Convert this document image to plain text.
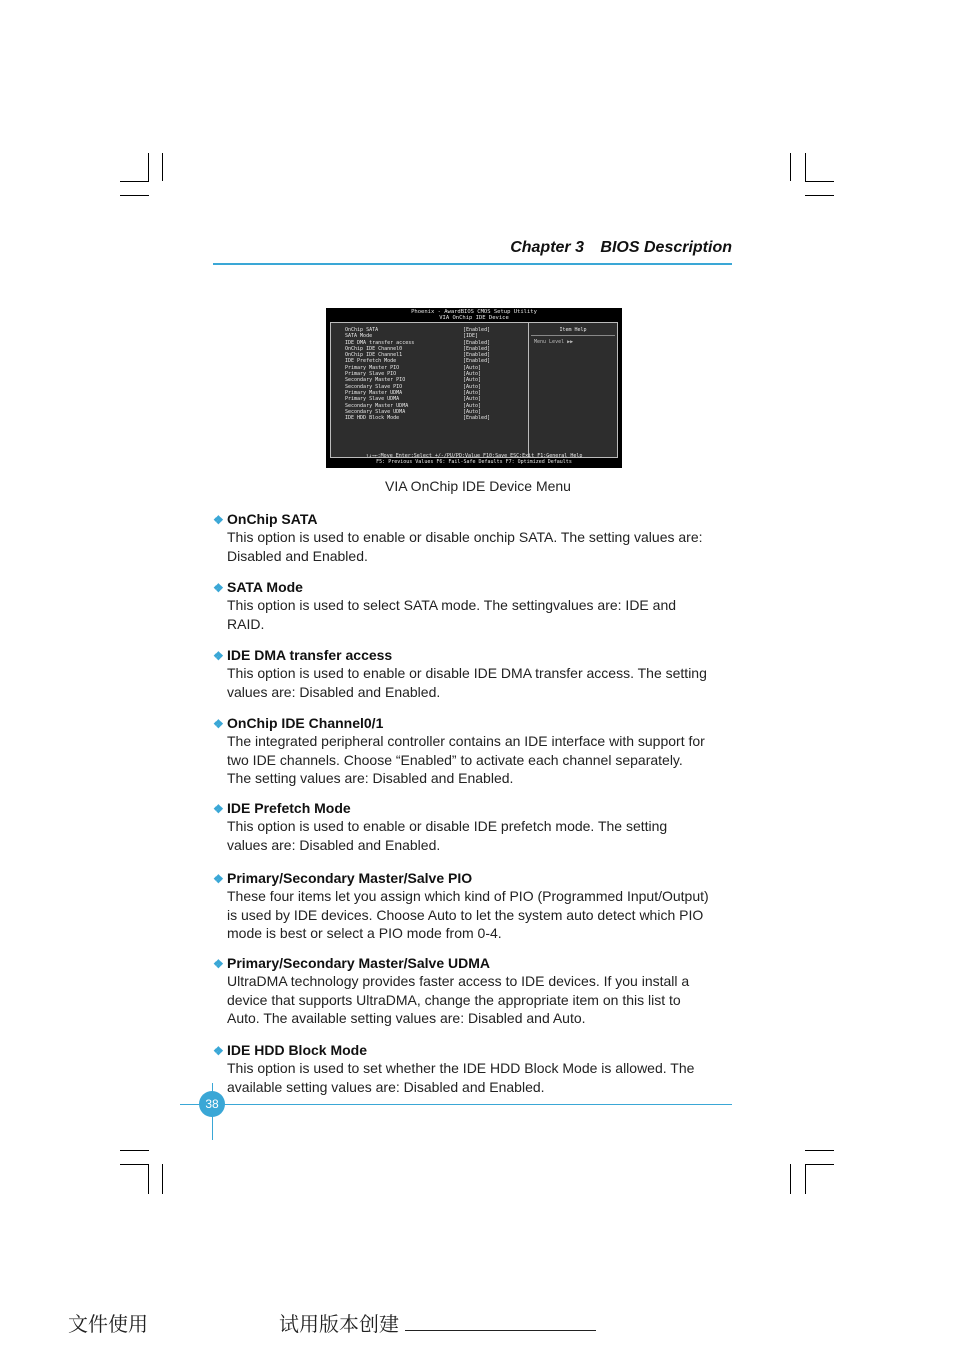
Chapter 3 BIOS Description
Phoenix - AwardBIOS CMOS Setup Utility
VIA OnChip IDE Device
OnChip SATA
SATA Mode
IDE DMA transfer access
OnChip IDE Channel0
OnChip IDE Channel1
IDE Prefetch Mode
Primary Master PIO
Primary Slave PIO
Secondary Master PIO
Secondary Slave PIO
Primary Master UDMA
Primary Slave UDMA
Secondary Master UDMA
Secondary Slave UDMA
IDE HDD Block Mode
[Enabled]
[IDE]
[Enabled]
[Enabled]
[Enabled]
[Enabled]
[Auto]
[Auto]
[Auto]
[Auto]
[Auto]
[Auto]
[Auto]
[Auto]
[Enabled]
Item Help
Menu Level ▶▶
↑↓→←:Move Enter:Select +/-/PU/PD:Value F10:Save ESC:Exit F1:General Help
F5: Previous Values F6: Fail-Safe Defaults F7: Optimized Defaults
VIA OnChip IDE Device Menu
❖ OnChip SATA
This option is used to enable or disable onchip SATA. The setting values are:
Disabled and Enabled.
❖ SATA Mode
This option is used to select SATA mode. The settingvalues are: IDE and
RAID.
❖ IDE DMA transfer access
This option is used to enable or disable IDE DMA transfer access. The setting
values are: Disabled and Enabled.
❖ OnChip IDE Channel0/1
The integrated peripheral controller contains an IDE interface with support for
two IDE channels. Choose “Enabled” to activate each channel separately.
The setting values are: Disabled and Enabled.
❖ IDE Prefetch Mode
This option is used to enable or disable IDE prefetch mode. The setting
values are: Disabled and Enabled.
❖ Primary/Secondary Master/Salve PIO
These four items let you assign which kind of PIO (Programmed Input/Output)
is used by IDE devices. Choose Auto to let the system auto detect which PIO
mode is best or select a PIO mode from 0-4.
❖ Primary/Secondary Master/Salve UDMA
UltraDMA technology provides faster access to IDE devices. If you install a
device that supports UltraDMA, change the appropriate item on this list to
Auto. The available setting values are: Disabled and Auto.
❖ IDE HDD Block Mode
This option is used to set whether the IDE HDD Block Mode is allowed. The
available setting values are: Disabled and Enabled.
38
文件使用	试用版本创建
